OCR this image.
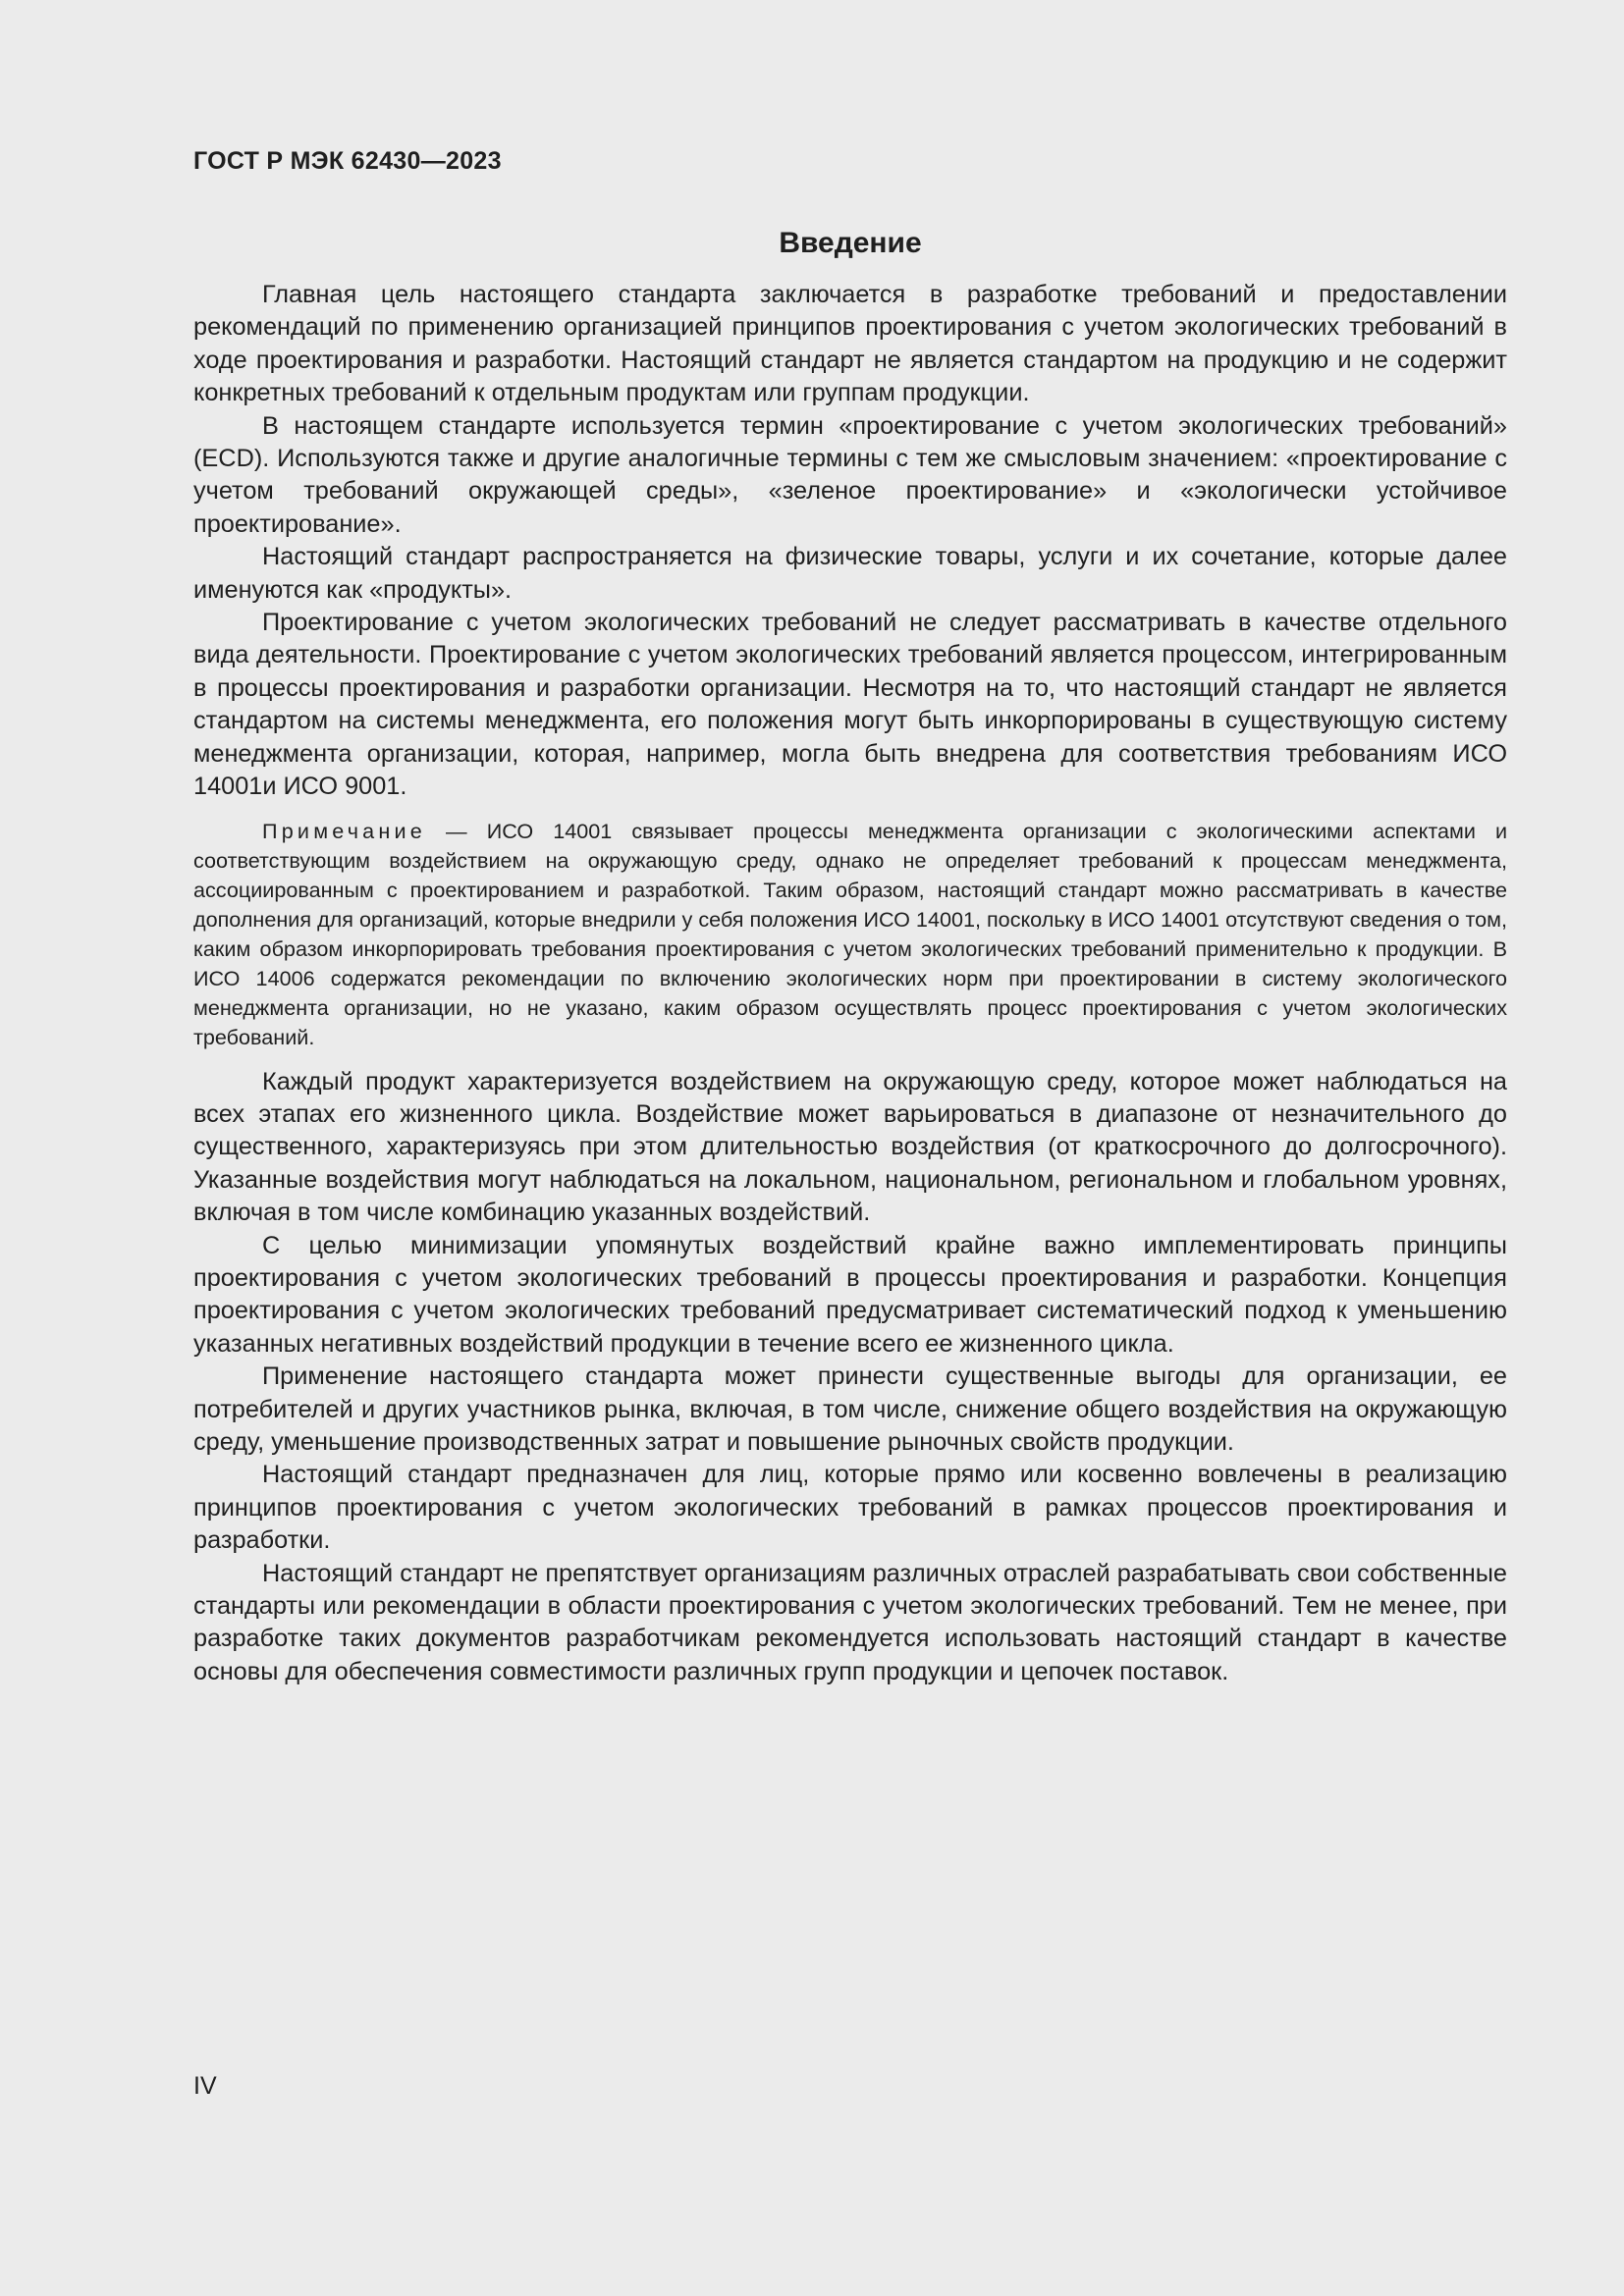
ГОСТ Р МЭК 62430—2023

Введение

Главная цель настоящего стандарта заключается в разработке требований и предоставлении рекомендаций по применению организацией принципов проектирования с учетом экологических требований в ходе проектирования и разработки. Настоящий стандарт не является стандартом на продукцию и не содержит конкретных требований к отдельным продуктам или группам продукции.

В настоящем стандарте используется термин «проектирование с учетом экологических требований» (ECD). Используются также и другие аналогичные термины с тем же смысловым значением: «проектирование с учетом требований окружающей среды», «зеленое проектирование» и «экологически устойчивое проектирование».

Настоящий стандарт распространяется на физические товары, услуги и их сочетание, которые далее именуются как «продукты».

Проектирование с учетом экологических требований не следует рассматривать в качестве отдельного вида деятельности. Проектирование с учетом экологических требований является процессом, интегрированным в процессы проектирования и разработки организации. Несмотря на то, что настоящий стандарт не является стандартом на системы менеджмента, его положения могут быть инкорпорированы в существующую систему менеджмента организации, которая, например, могла быть внедрена для соответствия требованиям ИСО 14001и ИСО 9001.

Примечание — ИСО 14001 связывает процессы менеджмента организации с экологическими аспектами и соответствующим воздействием на окружающую среду, однако не определяет требований к процессам менеджмента, ассоциированным с проектированием и разработкой. Таким образом, настоящий стандарт можно рассматривать в качестве дополнения для организаций, которые внедрили у себя положения ИСО 14001, поскольку в ИСО 14001 отсутствуют сведения о том, каким образом инкорпорировать требования проектирования с учетом экологических требований применительно к продукции. В ИСО 14006 содержатся рекомендации по включению экологических норм при проектировании в систему экологического менеджмента организации, но не указано, каким образом осуществлять процесс проектирования с учетом экологических требований.

Каждый продукт характеризуется воздействием на окружающую среду, которое может наблюдаться на всех этапах его жизненного цикла. Воздействие может варьироваться в диапазоне от незначительного до существенного, характеризуясь при этом длительностью воздействия (от краткосрочного до долгосрочного). Указанные воздействия могут наблюдаться на локальном, национальном, региональном и глобальном уровнях, включая в том числе комбинацию указанных воздействий.

С целью минимизации упомянутых воздействий крайне важно имплементировать принципы проектирования с учетом экологических требований в процессы проектирования и разработки. Концепция проектирования с учетом экологических требований предусматривает систематический подход к уменьшению указанных негативных воздействий продукции в течение всего ее жизненного цикла.

Применение настоящего стандарта может принести существенные выгоды для организации, ее потребителей и других участников рынка, включая, в том числе, снижение общего воздействия на окружающую среду, уменьшение производственных затрат и повышение рыночных свойств продукции.

Настоящий стандарт предназначен для лиц, которые прямо или косвенно вовлечены в реализацию принципов проектирования с учетом экологических требований в рамках процессов проектирования и разработки.

Настоящий стандарт не препятствует организациям различных отраслей разрабатывать свои собственные стандарты или рекомендации в области проектирования с учетом экологических требований. Тем не менее, при разработке таких документов разработчикам рекомендуется использовать настоящий стандарт в качестве основы для обеспечения совместимости различных групп продукции и цепочек поставок.

IV
